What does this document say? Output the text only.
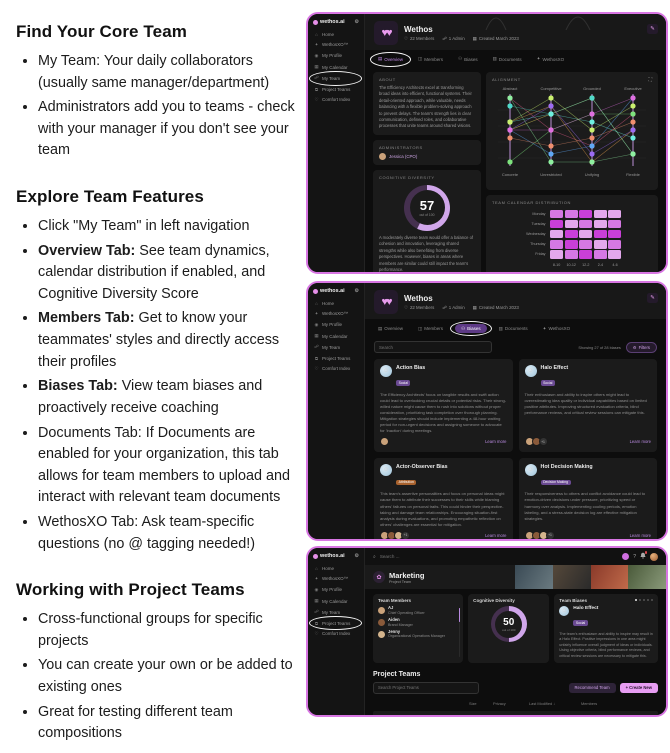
Find Your Core Team
• My Team: Your daily collaborators (usually same manager/department)
• Administrators add you to teams - check with your manager if you don't see your team
Explore Team Features
• Click "My Team" in left navigation
• Overview Tab: See team dynamics, calendar distribution if enabled, and Cognitive Diversity Score
• Members Tab: Get to know your teammates' styles and directly access their profiles
• Biases Tab: View team biases and proactively receive coaching
• Documents Tab: If Documents are enabled for your organization, this tab allows for team members to upload and interact with relevant team documents
• WethosXO Tab: Ask team-specific questions (no @ tagging needed!)
Working with Project Teams
• Cross-functional groups for specific projects
• You can create your own or be added to existing ones
• Great for testing different team compositions
wethos.ai ⚙
⌂ Home
✦ WethosXO™
◉ My Profile
▦ My Calendar
☍ My Team
⧉ Project Teams
♡ Comfort Index
♥♥	Wethos
♡ 22 Members ☍ 1 Admin ▦ Created March 2023
✎
▤ Overview	◫ Members	⚇ Biases	▥ Documents	✦ WethosXO
ABOUT
The Efficiency Architects excel at transforming broad ideas into efficient, functional systems. Their detail-oriented approach, while valuable, needs balancing with a flexible problem-solving approach to prevent delays. The team's strength lies in clear communication, defined roles, and collaborative processes that unite teams around shared visions.
ADMINISTRATORS
Jessica (CPO)
COGNITIVE DIVERSITY
57
out of 100
A moderately diverse team would offer a balance of cohesion and innovation, leveraging shared strengths while also benefiting from diverse perspectives. However, biases in areas where members are similar could still impact the team's performance.
ALIGNMENT	⛶
Abstract
Concrete
Competitive
Unrestricted
Grounded
Unifying
Executive
Flexible
TEAM CALENDAR DISTRIBUTION
Monday
Tuesday
Wednesday
Thursday
Friday
8-10	10-12	12-2	2-4	4-6
wethos.ai ⚙
⌂ Home
✦ WethosXO™
◉ My Profile
▦ My Calendar
☍ My Team
⧉ Project Teams
♡ Comfort Index
♥♥	Wethos
♡ 22 Members ☍ 1 Admin ▦ Created March 2023
✎
▤ Overview	◫ Members	⚇ Biases	▥ Documents	✦ WethosXO
Search
Showing 27 of 28 biases	⚙ Filters
☺	Action Bias
Social
The Efficiency Architects' focus on tangible results and swift action could lead to overlooking crucial details or potential risks. Their strong-willed nature might cause them to rush into solutions without proper consideration, prioritizing task completion over thorough planning. Mitigation strategies should include implementing a 48-hour waiting period for non-urgent decisions and assigning someone to advocate for 'inaction' during meetings.
Learn more
☺	Halo Effect
Social
Their enthusiasm and ability to inspire others might lead to overestimating idea quality or individual capabilities based on limited positive attributes. Improving structured evaluation criteria, blind performance reviews, and critical review sessions can mitigate this.
+1	Learn more
☺	Actor-Observer Bias
Attribution
This team's assertive personalities and focus on personal ideas might cause them to attribute their successes to their skills while blaming others' failures on personal traits. This could hinder their perspective-taking and damage team relationships. Encouraging situation-first analysis during evaluations, and promoting empathetic reflection on others' challenges are essential for mitigation.
+1	Learn more
☺	Hot Decision Making
Decision Making
Their responsiveness to others and conflict avoidance could lead to emotion-driven decisions under pressure, prioritizing speed or harmony over analysis. Implementing cooling periods, emotion labeling, and a stress-state decision log are effective mitigation strategies.
+1	Learn more
wethos.ai ⚙
⌂ Home
✦ WethosXO™
◉ My Profile
▦ My Calendar
☍ My Team
⧉ Project Teams
♡ Comfort Index
⌕ Search ...	?
✿ Marketing
Project Team
Team Members
AJ
Chief Operating Officer
Aiden
Brand Manager
Jenny
Organizational Operations Manager
Cognitive Diversity
50
out of 100
Team Biases
☺	Halo Effect
Social
The team's enthusiasm and ability to inspire may result in a Halo Effect. Positive impressions in one area might unfairly influence overall judgment of ideas or individuals. Using objective criteria, blind performance reviews, and critical review sessions are necessary to mitigate this.
Project Teams
Search Project Teams
Recommend Team	+ Create New
Size	Privacy	Last Modified ↓	Members
